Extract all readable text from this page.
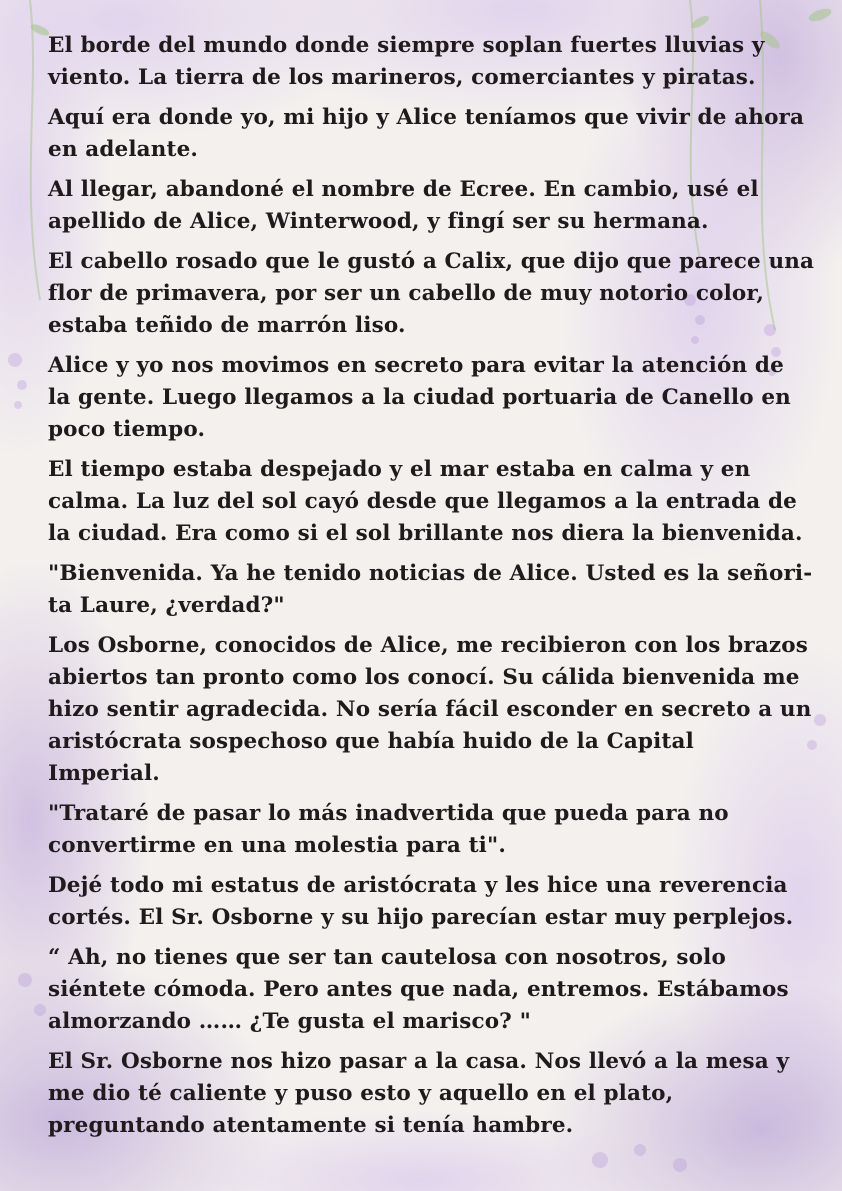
El borde del mundo donde siempre soplan fuertes lluvias y
viento. La tierra de los marineros, comerciantes y piratas.

Aquí era donde yo, mi hijo y Alice teníamos que vivir de ahora
en adelante.

Al llegar, abandoné el nombre de Ecree. En cambio, usé el
apellido de Alice, Winterwood, y fingí ser su hermana.

El cabello rosado que le gustó a Calix, que dijo que parece una
flor de primavera, por ser un cabello de muy notorio color,
estaba teñido de marrón liso.

Alice y yo nos movimos en secreto para evitar la atención de
la gente. Luego llegamos a la ciudad portuaria de Canello en
poco tiempo.

El tiempo estaba despejado y el mar estaba en calma y en
calma. La luz del sol cayó desde que llegamos a la entrada de
la ciudad. Era como si el sol brillante nos diera la bienvenida.

"Bienvenida. Ya he tenido noticias de Alice. Usted es la señori-
ta Laure, ¿verdad?"

Los Osborne, conocidos de Alice, me recibieron con los brazos
abiertos tan pronto como los conocí. Su cálida bienvenida me
hizo sentir agradecida. No sería fácil esconder en secreto a un
aristócrata sospechoso que había huido de la Capital
Imperial.

"Trataré de pasar lo más inadvertida que pueda para no
convertirme en una molestia para ti".

Dejé todo mi estatus de aristócrata y les hice una reverencia
cortés. El Sr. Osborne y su hijo parecían estar muy perplejos.

“ Ah, no tienes que ser tan cautelosa con nosotros, solo
siéntete cómoda. Pero antes que nada, entremos. Estábamos
almorzando …… ¿Te gusta el marisco? "

El Sr. Osborne nos hizo pasar a la casa. Nos llevó a la mesa y
me dio té caliente y puso esto y aquello en el plato,
preguntando atentamente si tenía hambre.
